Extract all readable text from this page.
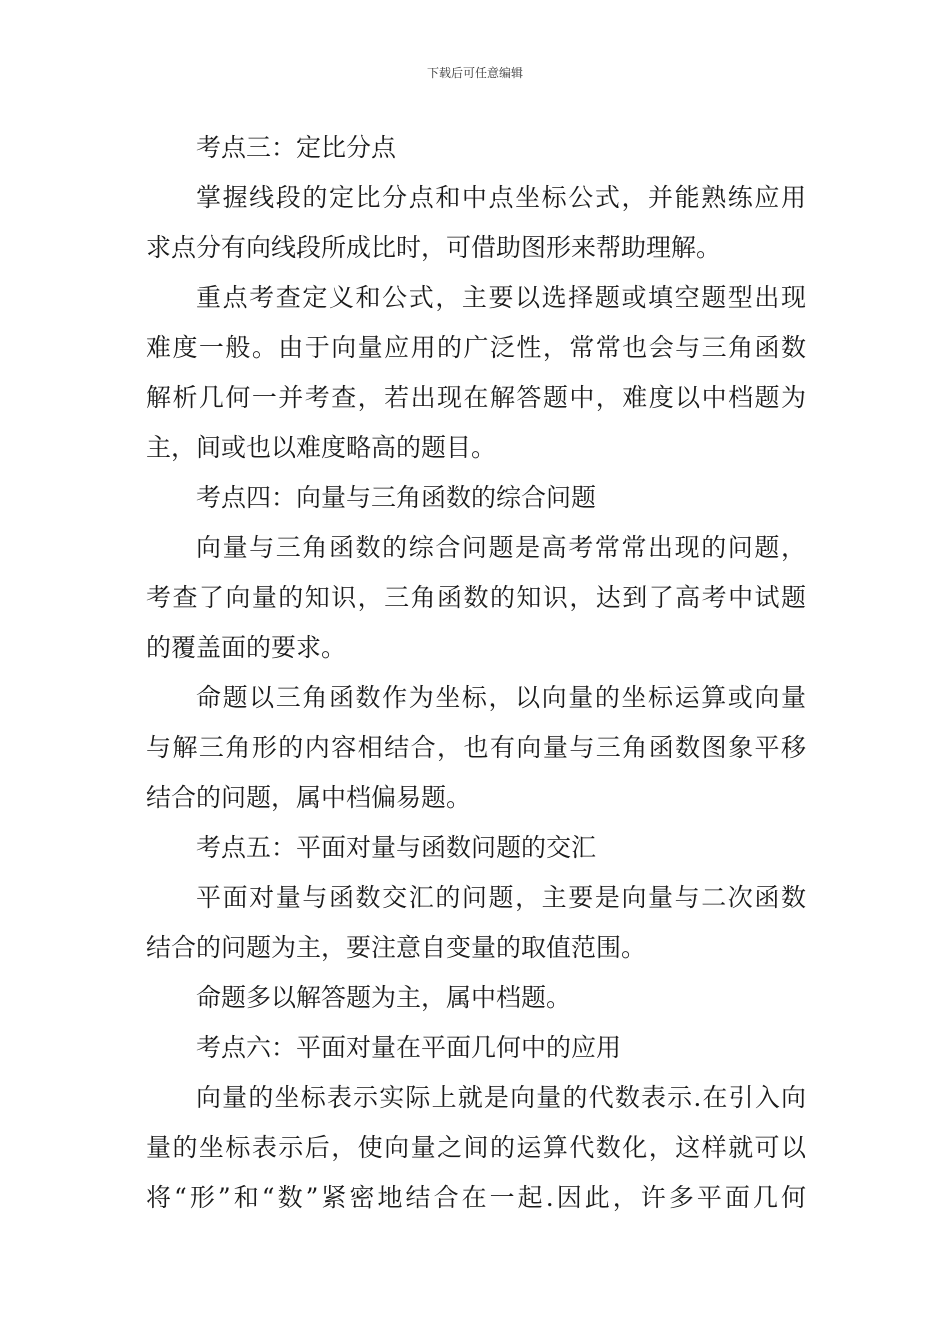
下载后可任意编辑
考点三：定比分点
掌握线段的定比分点和中点坐标公式，并能熟练应用
求点分有向线段所成比时，可借助图形来帮助理解。
重点考查定义和公式，主要以选择题或填空题型出现
难度一般。由于向量应用的广泛性，常常也会与三角函数
解析几何一并考查，若出现在解答题中，难度以中档题为
主，间或也以难度略高的题目。
考点四：向量与三角函数的综合问题
向量与三角函数的综合问题是高考常常出现的问题，
考查了向量的知识，三角函数的知识，达到了高考中试题
的覆盖面的要求。
命题以三角函数作为坐标，以向量的坐标运算或向量
与解三角形的内容相结合，也有向量与三角函数图象平移
结合的问题，属中档偏易题。
考点五：平面对量与函数问题的交汇
平面对量与函数交汇的问题，主要是向量与二次函数
结合的问题为主，要注意自变量的取值范围。
命题多以解答题为主，属中档题。
考点六：平面对量在平面几何中的应用
向量的坐标表示实际上就是向量的代数表示.在引入向
量的坐标表示后，使向量之间的运算代数化，这样就可以
将“形”和“数”紧密地结合在一起.因此，许多平面几何
